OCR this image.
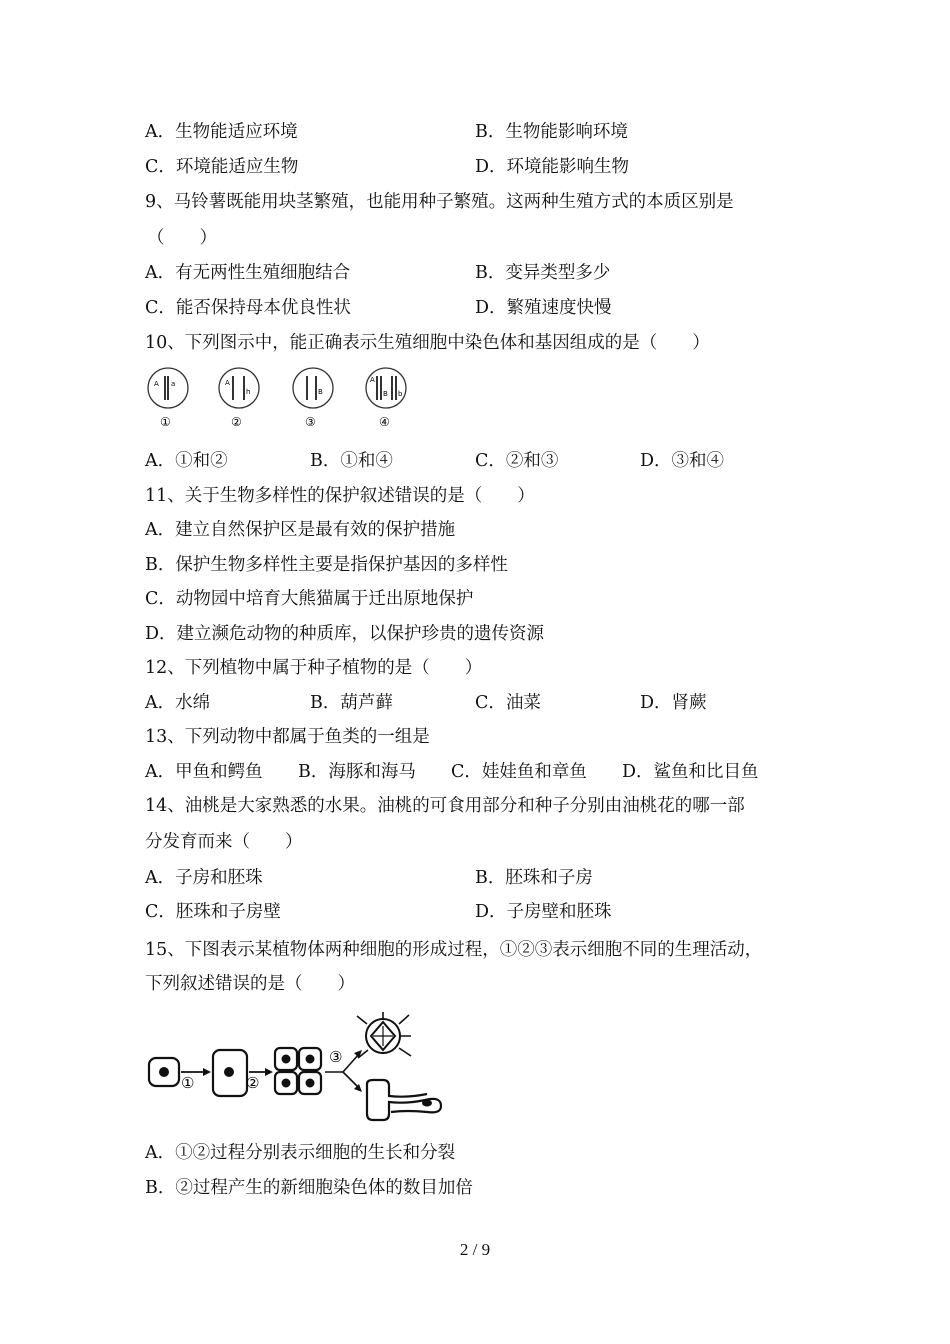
A．生物能适应环境	B．生物能影响环境
C．环境能适应生物	D．环境能影响生物
9、马铃薯既能用块茎繁殖，也能用种子繁殖。这两种生殖方式的本质区别是
（　　）
A．有无两性生殖细胞结合	B．变异类型多少
C．能否保持母本优良性状	D．繁殖速度快慢
10、下列图示中，能正确表示生殖细胞中染色体和基因组成的是（　　）
A a
①
A
h
②
B
③
A
B b
④
A．①和②	B．①和④	C．②和③	D．③和④
11、关于生物多样性的保护叙述错误的是（　　）
A．建立自然保护区是最有效的保护措施
B．保护生物多样性主要是指保护基因的多样性
C．动物园中培育大熊猫属于迁出原地保护
D．建立濒危动物的种质库，以保护珍贵的遗传资源
12、下列植物中属于种子植物的是（　　）
A．水绵	B．葫芦藓	C．油菜	D．肾蕨
13、下列动物中都属于鱼类的一组是
A．甲鱼和鳄鱼 B．海豚和海马 C．娃娃鱼和章鱼 D．鲨鱼和比目鱼
14、油桃是大家熟悉的水果。油桃的可食用部分和种子分别由油桃花的哪一部
分发育而来（　　）
A．子房和胚珠	B．胚珠和子房
C．胚珠和子房壁	D．子房壁和胚珠
15、下图表示某植物体两种细胞的形成过程，①②③表示细胞不同的生理活动，
下列叙述错误的是（　　）
①	②
③
A．①②过程分别表示细胞的生长和分裂
B．②过程产生的新细胞染色体的数目加倍
2 / 9
